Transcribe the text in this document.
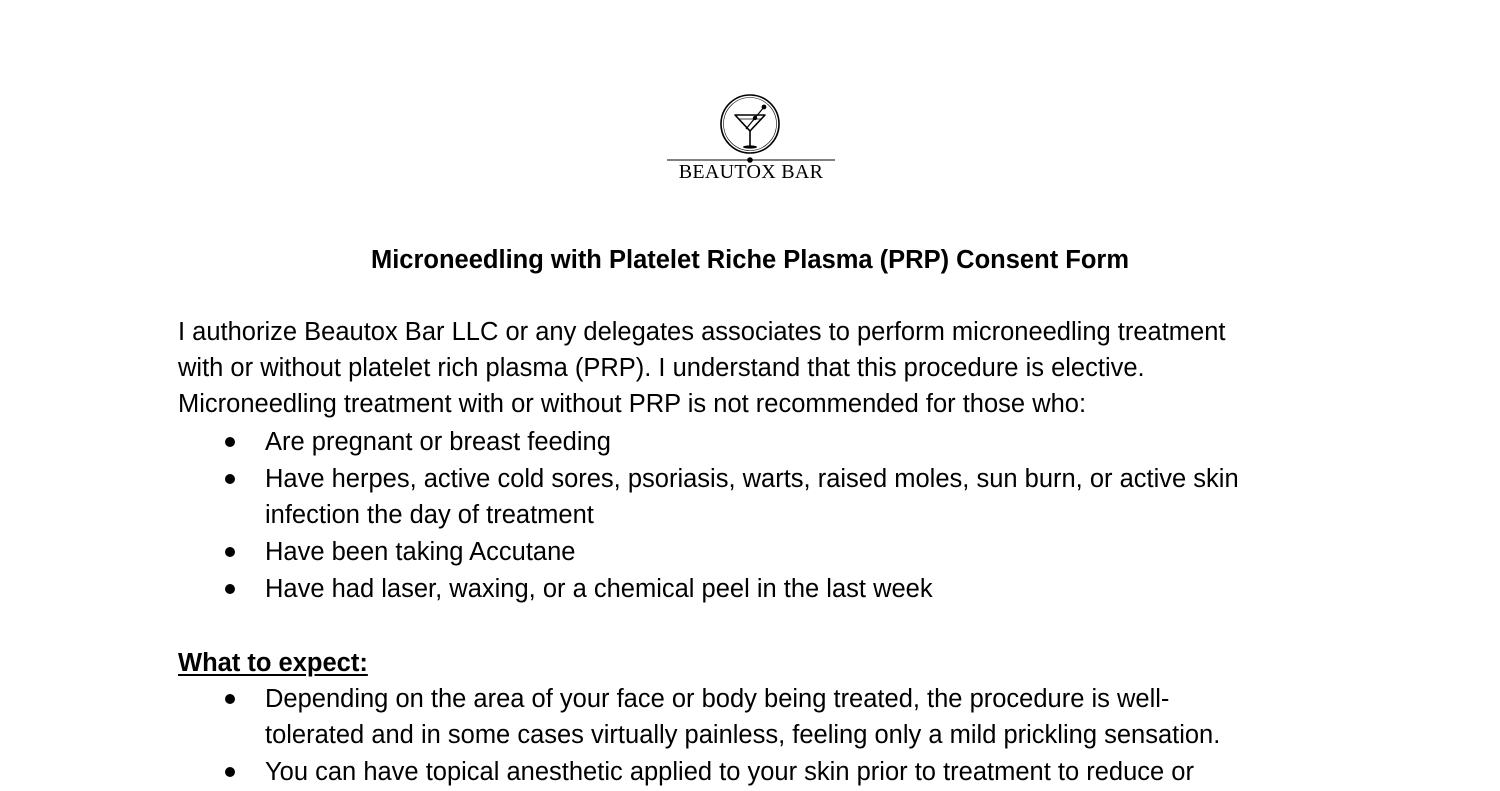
BEAUTOX BAR
Microneedling with Platelet Riche Plasma (PRP) Consent Form
I authorize Beautox Bar LLC or any delegates associates to perform microneedling treatment
with or without platelet rich plasma (PRP). I understand that this procedure is elective.
Microneedling treatment with or without PRP is not recommended for those who:
Are pregnant or breast feeding
Have herpes, active cold sores, psoriasis, warts, raised moles, sun burn, or active skin
infection the day of treatment
Have been taking Accutane
Have had laser, waxing, or a chemical peel in the last week
What to expect:
Depending on the area of your face or body being treated, the procedure is well-
tolerated and in some cases virtually painless, feeling only a mild prickling sensation.
You can have topical anesthetic applied to your skin prior to treatment to reduce or
